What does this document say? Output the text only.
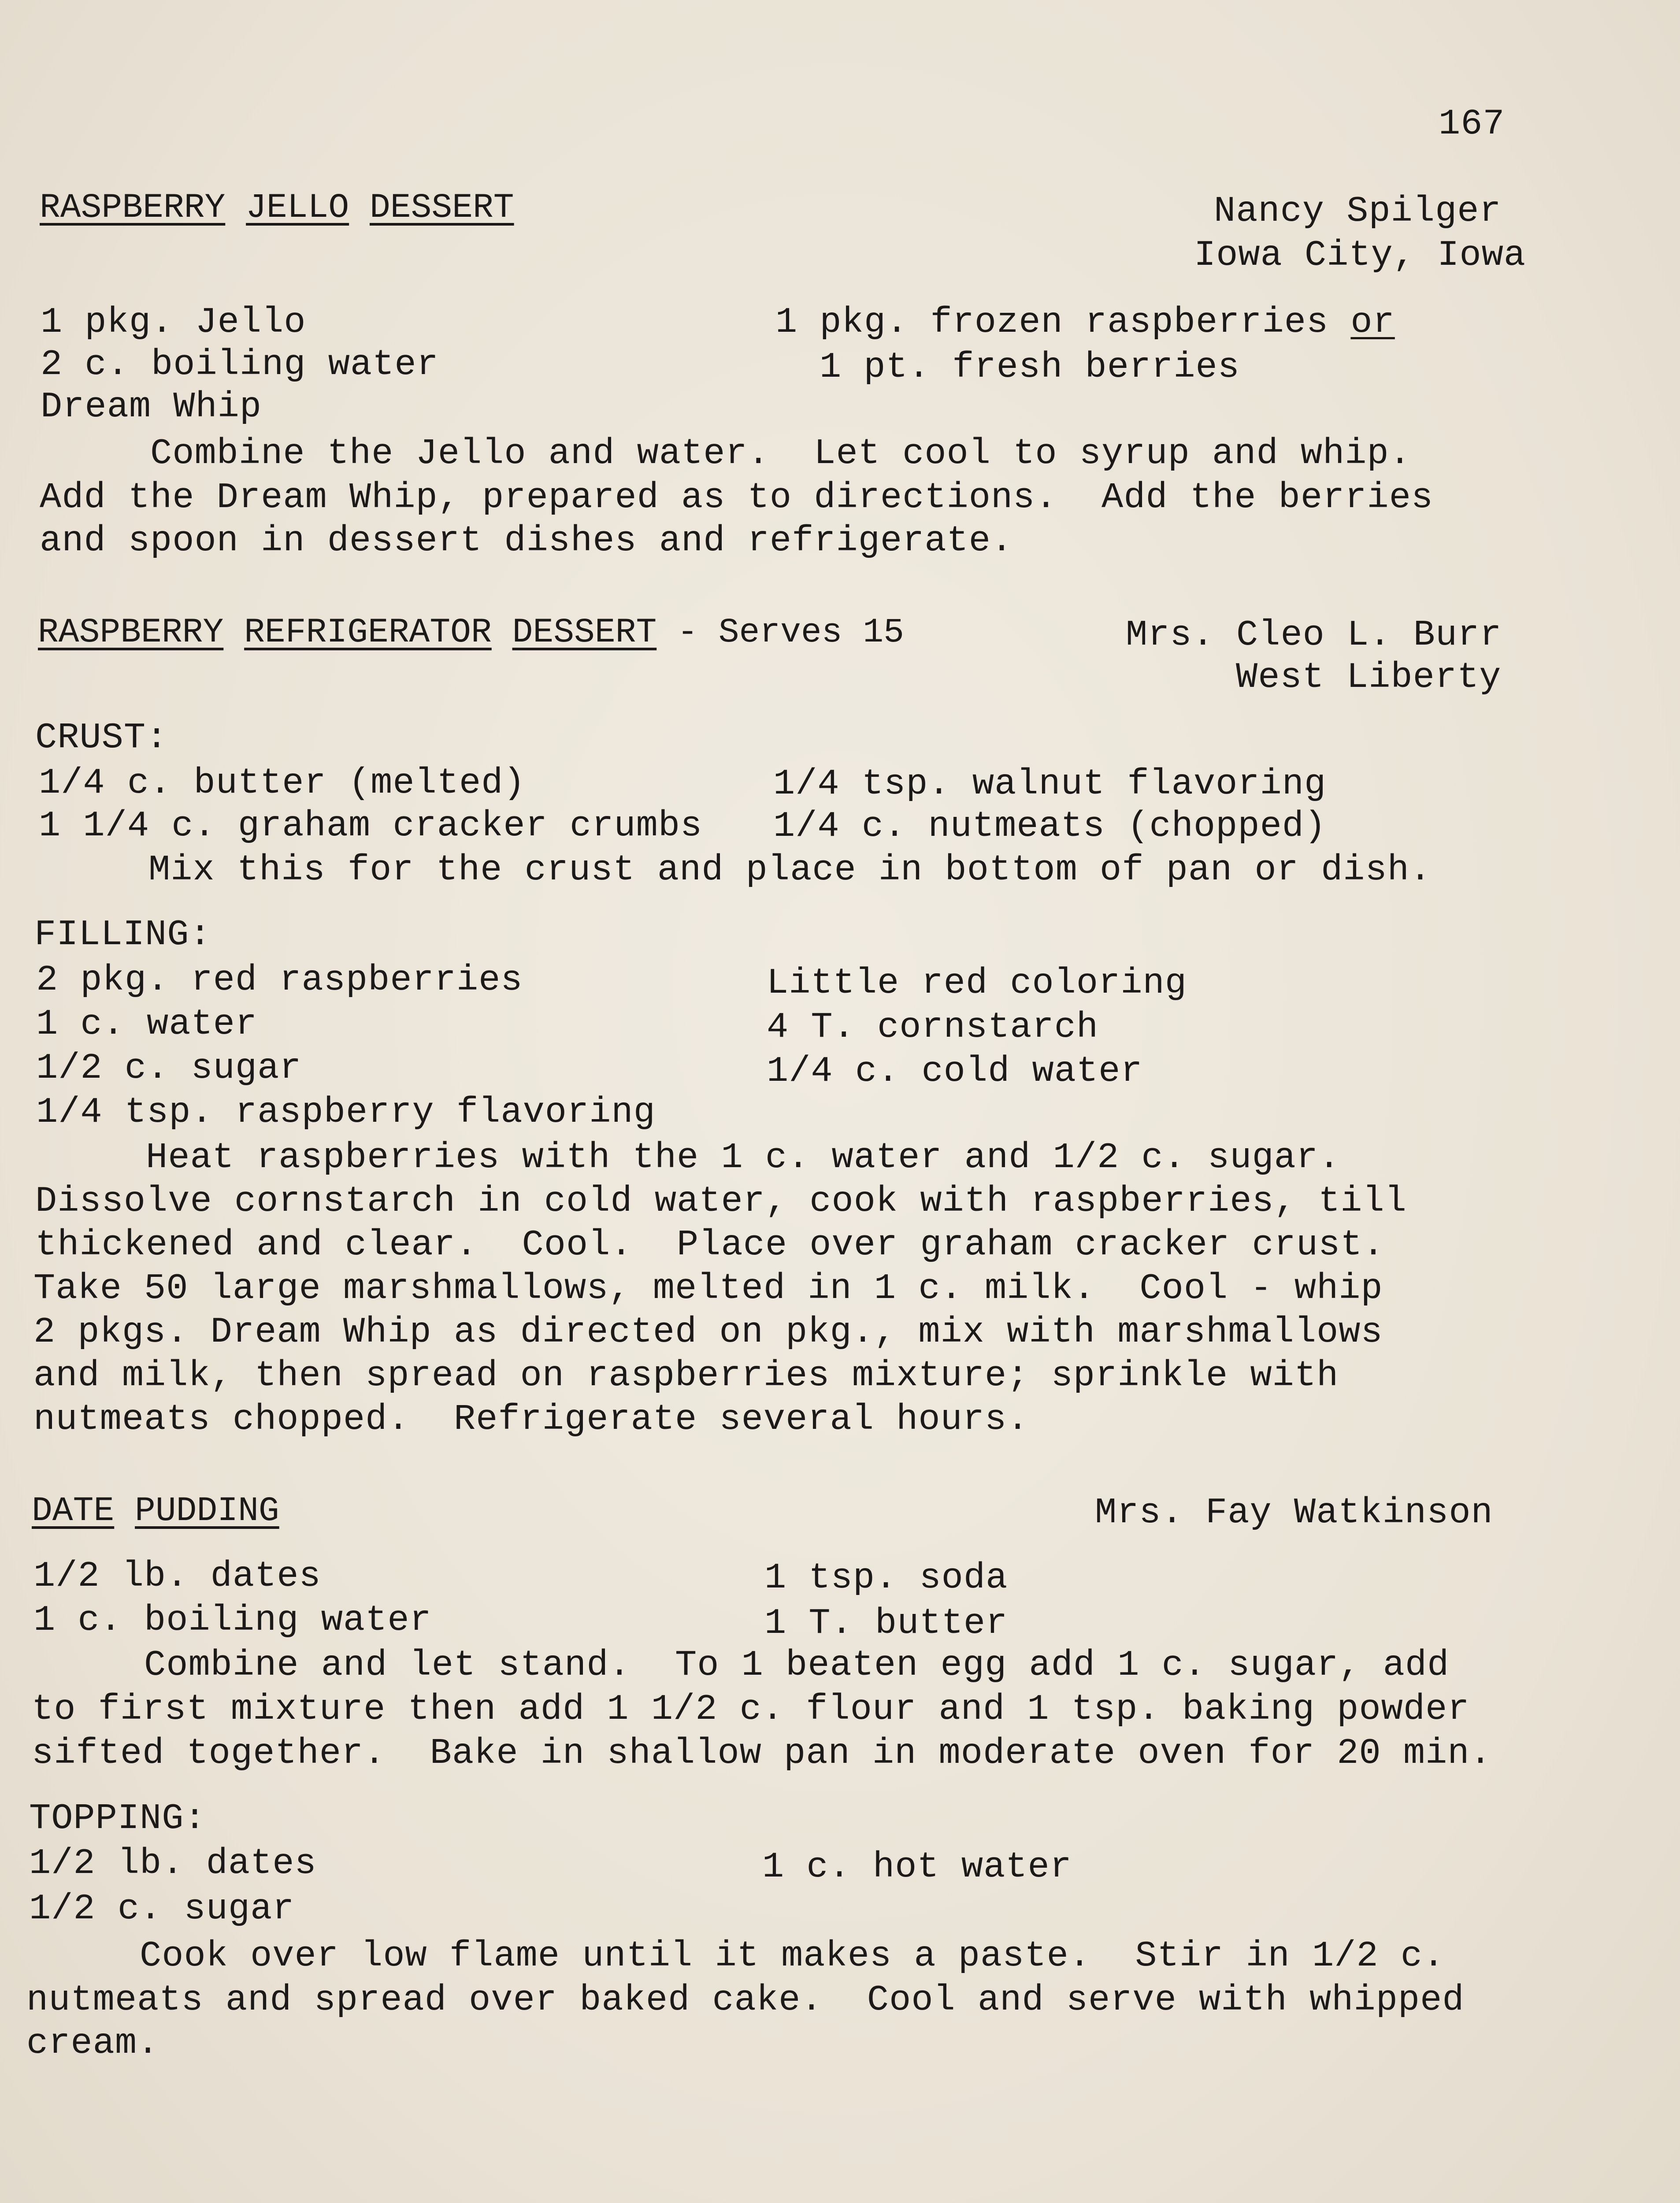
167
RASPBERRY JELLO DESSERT	Nancy Spilger
Iowa City, Iowa
1 pkg. Jello
2 c. boiling water
Dream Whip
1 pkg. frozen raspberries or
1 pt. fresh berries
Combine the Jello and water.  Let cool to syrup and whip.
Add the Dream Whip, prepared as to directions.  Add the berries
and spoon in dessert dishes and refrigerate.
RASPBERRY REFRIGERATOR DESSERT - Serves 15	Mrs. Cleo L. Burr
West Liberty
CRUST:
1/4 c. butter (melted)
1 1/4 c. graham cracker crumbs
1/4 tsp. walnut flavoring
1/4 c. nutmeats (chopped)
Mix this for the crust and place in bottom of pan or dish.
FILLING:
2 pkg. red raspberries
1 c. water
1/2 c. sugar
1/4 tsp. raspberry flavoring
Little red coloring
4 T. cornstarch
1/4 c. cold water
Heat raspberries with the 1 c. water and 1/2 c. sugar.
Dissolve cornstarch in cold water, cook with raspberries, till
thickened and clear.  Cool.  Place over graham cracker crust.
Take 50 large marshmallows, melted in 1 c. milk.  Cool - whip
2 pkgs. Dream Whip as directed on pkg., mix with marshmallows
and milk, then spread on raspberries mixture; sprinkle with
nutmeats chopped.  Refrigerate several hours.
DATE PUDDING	Mrs. Fay Watkinson
1/2 lb. dates
1 c. boiling water
1 tsp. soda
1 T. butter
Combine and let stand.  To 1 beaten egg add 1 c. sugar, add
to first mixture then add 1 1/2 c. flour and 1 tsp. baking powder
sifted together.  Bake in shallow pan in moderate oven for 20 min.
TOPPING:
1/2 lb. dates
1/2 c. sugar
1 c. hot water
Cook over low flame until it makes a paste.  Stir in 1/2 c.
nutmeats and spread over baked cake.  Cool and serve with whipped
cream.
